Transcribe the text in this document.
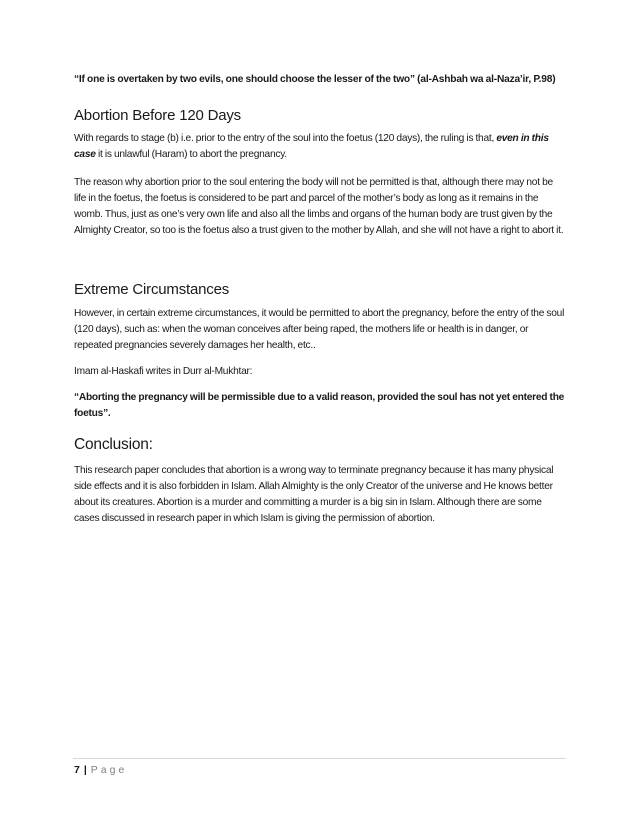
“If one is overtaken by two evils, one should choose the lesser of the two” (al-Ashbah wa al-Naza’ir, P.98)

Abortion Before 120 Days

With regards to stage (b) i.e. prior to the entry of the soul into the foetus (120 days), the ruling is that, even in this case it is unlawful (Haram) to abort the pregnancy.

The reason why abortion prior to the soul entering the body will not be permitted is that, although there may not be life in the foetus, the foetus is considered to be part and parcel of the mother’s body as long as it remains in the womb. Thus, just as one’s very own life and also all the limbs and organs of the human body are trust given by the Almighty Creator, so too is the foetus also a trust given to the mother by Allah, and she will not have a right to abort it.

Extreme Circumstances

However, in certain extreme circumstances, it would be permitted to abort the pregnancy, before the entry of the soul (120 days), such as: when the woman conceives after being raped, the mothers life or health is in danger, or repeated pregnancies severely damages her health, etc..

Imam al-Haskafi writes in Durr al-Mukhtar:

“Aborting the pregnancy will be permissible due to a valid reason, provided the soul has not yet entered the foetus”.

Conclusion:

This research paper concludes that abortion is a wrong way to terminate pregnancy because it has many physical side effects and it is also forbidden in Islam. Allah Almighty is the only Creator of the universe and He knows better about its creatures. Abortion is a murder and committing a murder is a big sin in Islam. Although there are some cases discussed in research paper in which Islam is giving the permission of abortion.

7 | Page
